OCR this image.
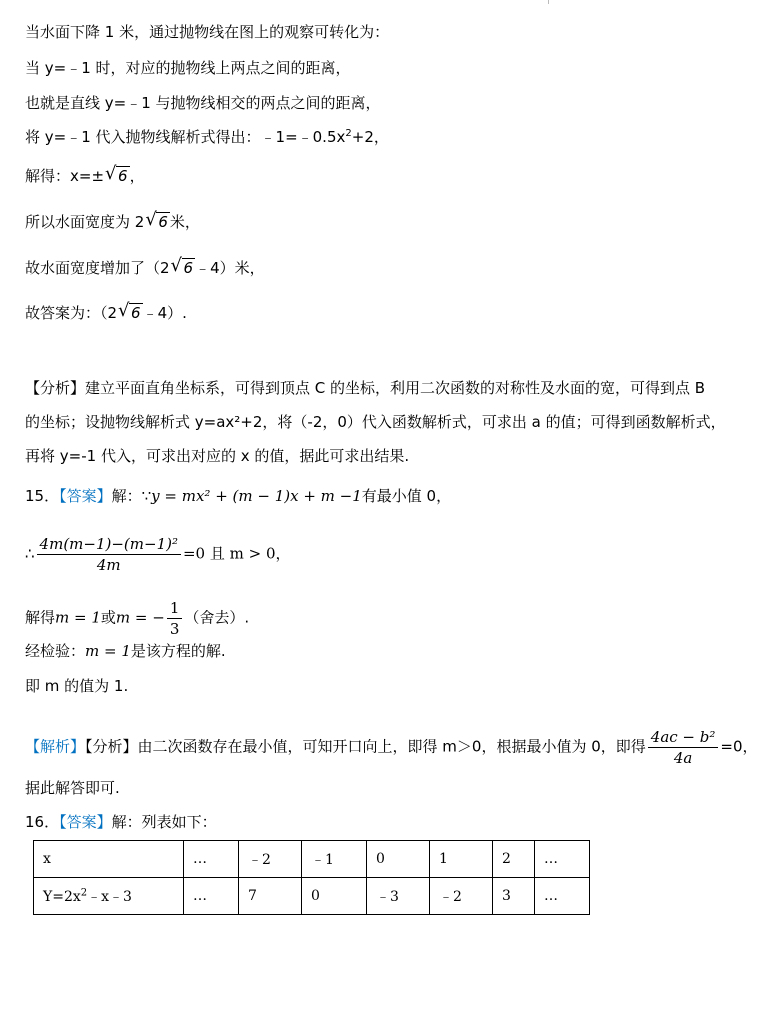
当水面下降 1 米，通过抛物线在图上的观察可转化为：
当 y=﹣1 时，对应的抛物线上两点之间的距离，
也就是直线 y=﹣1 与抛物线相交的两点之间的距离，
将 y=﹣1 代入抛物线解析式得出：$﹣1=﹣0.5x^2+2$，
解得：x=± √ 6 ，
所以水面宽度为 2 √ 6 米，
故水面宽度增加了（2 √ 6 ﹣4）米，
故答案为：（2 √ 6 ﹣4）.
【分析】建立平面直角坐标系，可得到顶点 C 的坐标，利用二次函数的对称性及水面的宽，可得到点 B
的坐标；设抛物线解析式 y=ax²+2，将（-2，0）代入函数解析式，可求出 a 的值；可得到函数解析式，
再将 y=-1 代入，可求出对应的 x 的值，据此可求出结果.
15．【答案】解：∵y = mx² + (m − 1)x + m −1有最小值 0，
∴ $\frac{\text{4m(m−1)−(m−1)²}}{4m} =0$ 且 m > 0，
解得m = 1或m = − $\frac{1}{3}$ （舍去）.
经检验：m = 1是该方程的解.
即 m 的值为 1.
【解析】【分析】由二次函数存在最小值，可知开口向上，即得 m＞0，根据最小值为 0，即得 $\frac{\text{4ac − b²}}{4a} =0$，
据此解答即可.
16．【答案】解：列表如下：
x	…	﹣2	﹣1	0	1	2	…
$Y=2x^2﹣x﹣3$	…	7	0	﹣3	﹣2	3	…
